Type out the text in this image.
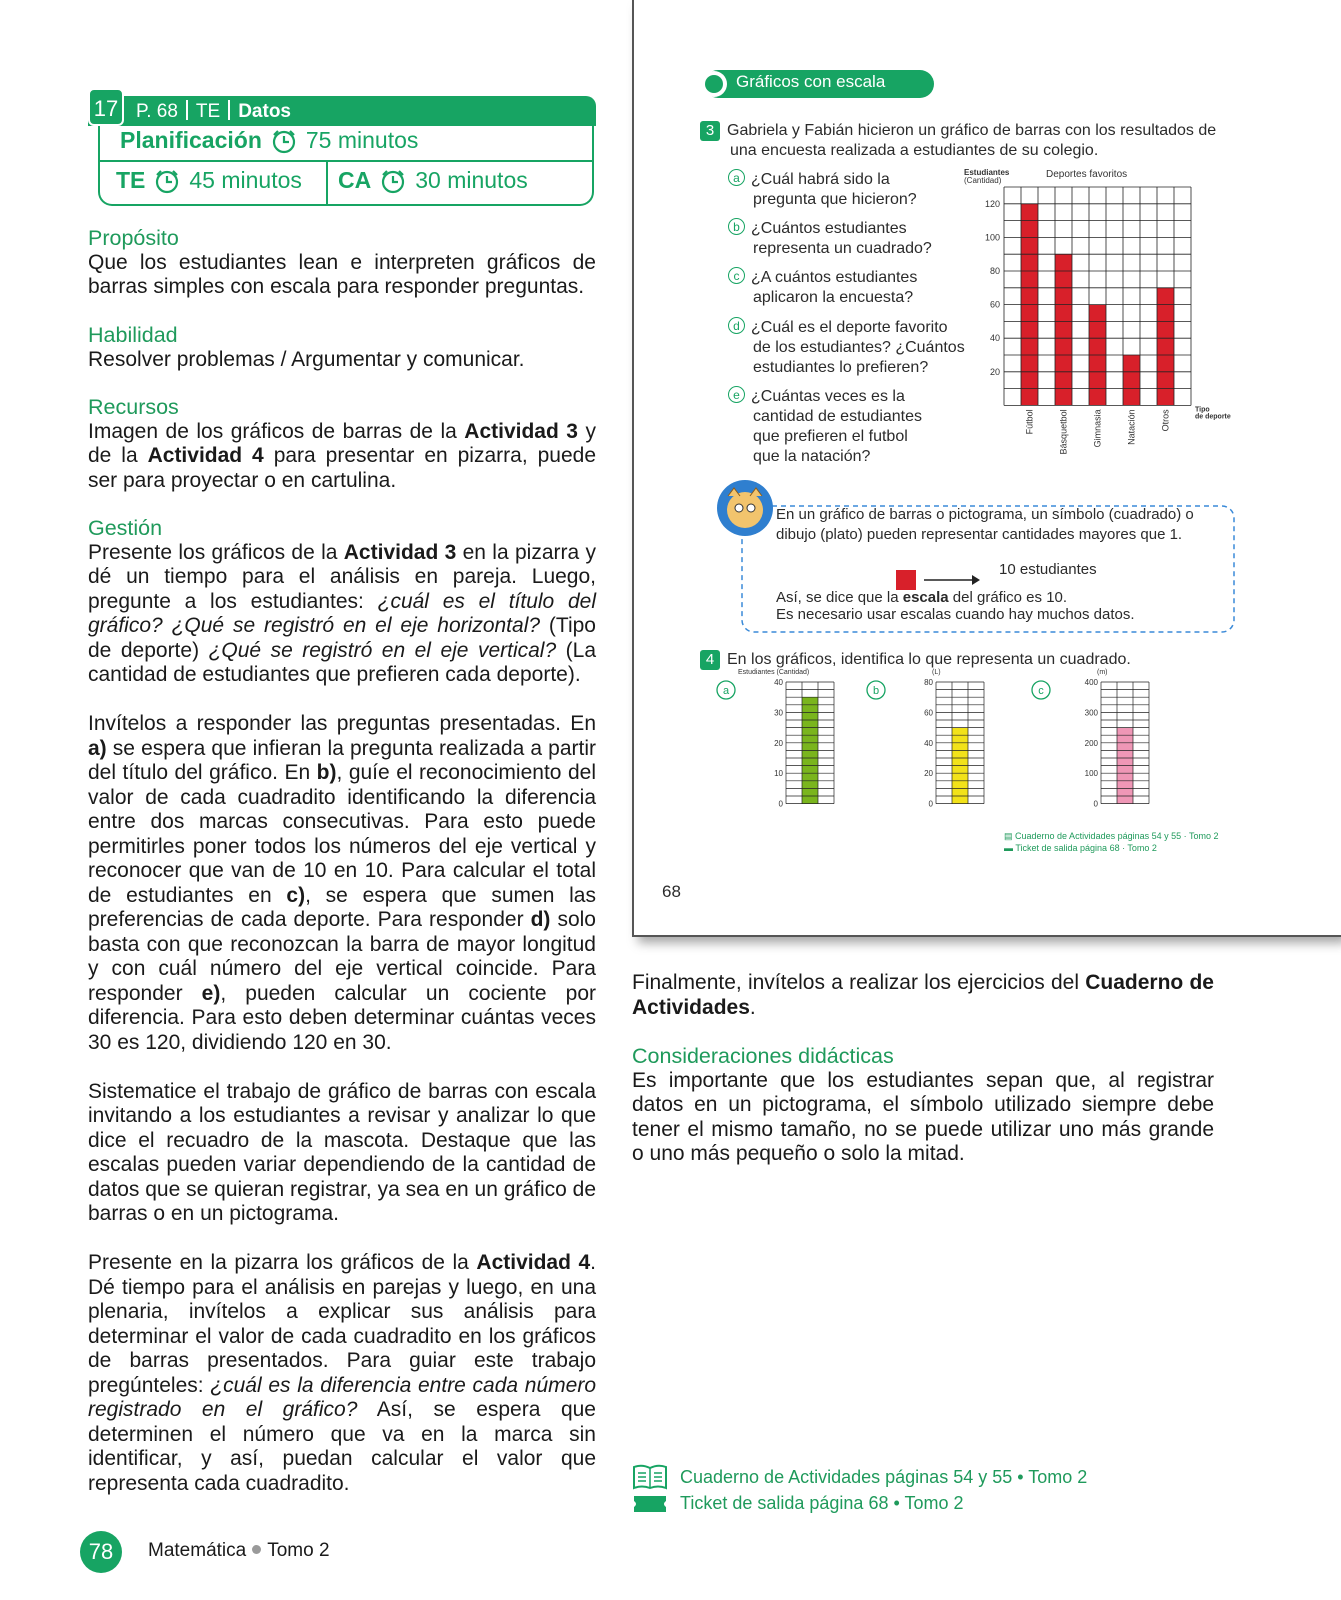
17 P. 68 TE Datos
Planificación 75 minutos
TE 45 minutos CA 30 minutos
Propósito
Que los estudiantes lean e interpreten gráficos de barras simples con escala para responder preguntas.
Habilidad
Resolver problemas / Argumentar y comunicar.
Recursos
Imagen de los gráficos de barras de la Actividad 3 y de la Actividad 4 para presentar en pizarra, puede ser para proyectar o en cartulina.
Gestión
Presente los gráficos de la Actividad 3 en la pizarra y dé un tiempo para el análisis en pareja. Luego, pregunte a los estudiantes: ¿cuál es el título del gráfico? ¿Qué se registró en el eje horizontal? (Tipo de deporte) ¿Qué se registró en el eje vertical? (La cantidad de estudiantes que prefieren cada deporte).
Invítelos a responder las preguntas presentadas. En a) se espera que infieran la pregunta realizada a partir del título del gráfico. En b), guíe el reconocimiento del valor de cada cuadradito identificando la diferencia entre dos marcas consecutivas. Para esto puede permitirles poner todos los números del eje vertical y reconocer que van de 10 en 10. Para calcular el total de estudiantes en c), se espera que sumen las preferencias de cada deporte. Para responder d) solo basta con que reconozcan la barra de mayor longitud y con cuál número del eje vertical coincide. Para responder e), pueden calcular un cociente por diferencia. Para esto deben determinar cuántas veces 30 es 120, dividiendo 120 en 30.
Sistematice el trabajo de gráfico de barras con escala invitando a los estudiantes a revisar y analizar lo que dice el recuadro de la mascota. Destaque que las escalas pueden variar dependiendo de la cantidad de datos que se quieran registrar, ya sea en un gráfico de barras o en un pictograma.
Presente en la pizarra los gráficos de la Actividad 4. Dé tiempo para el análisis en parejas y luego, en una plenaria, invítelos a explicar sus análisis para determinar el valor de cada cuadradito en los gráficos de barras presentados. Para guiar este trabajo pregúnteles: ¿cuál es la diferencia entre cada número registrado en el gráfico? Así, se espera que determinen el número que va en la marca sin identificar, y así, puedan calcular el valor que representa cada cuadradito.
78	Matemática Tomo 2
Gráficos con escala
3 Gabriela y Fabián hicieron un gráfico de barras con los resultados de
una encuesta realizada a estudiantes de su colegio.
a ¿Cuál habrá sido la
pregunta que hicieron?
b ¿Cuántos estudiantes
representa un cuadrado?
c ¿A cuántos estudiantes
aplicaron la encuesta?
d ¿Cuál es el deporte favorito
de los estudiantes? ¿Cuántos
estudiantes lo prefieren?
e ¿Cuántas veces es la
cantidad de estudiantes
que prefieren el futbol
que la natación?
Estudiantes
(Cantidad)
Deportes favoritos
20
40
60
80
100
120
Fútbol	Básquetbol	Gimnasia	Natación	Otros	Tipo
de deporte
En un gráfico de barras o pictograma, un símbolo (cuadrado) o
dibujo (plato) pueden representar cantidades mayores que 1.
10 estudiantes
Así, se dice que la escala del gráfico es 10.
Es necesario usar escalas cuando hay muchos datos.
4 En los gráficos, identifica lo que representa un cuadrado.
a
Estudiantes (Cantidad)
0
10
20
30
40
b
(L)
0
20
40
60
80
c
(m)
0
100
200
300
400
▤ Cuaderno de Actividades páginas 54 y 55 · Tomo 2
▬ Ticket de salida página 68 · Tomo 2
68
Finalmente, invítelos a realizar los ejercicios del Cuaderno de Actividades.
Consideraciones didácticas
Es importante que los estudiantes sepan que, al registrar datos en un pictograma, el símbolo utilizado siempre debe tener el mismo tamaño, no se puede utilizar uno más grande o uno más pequeño o solo la mitad.
Cuaderno de Actividades páginas 54 y 55 • Tomo 2
Ticket de salida página 68 • Tomo 2
